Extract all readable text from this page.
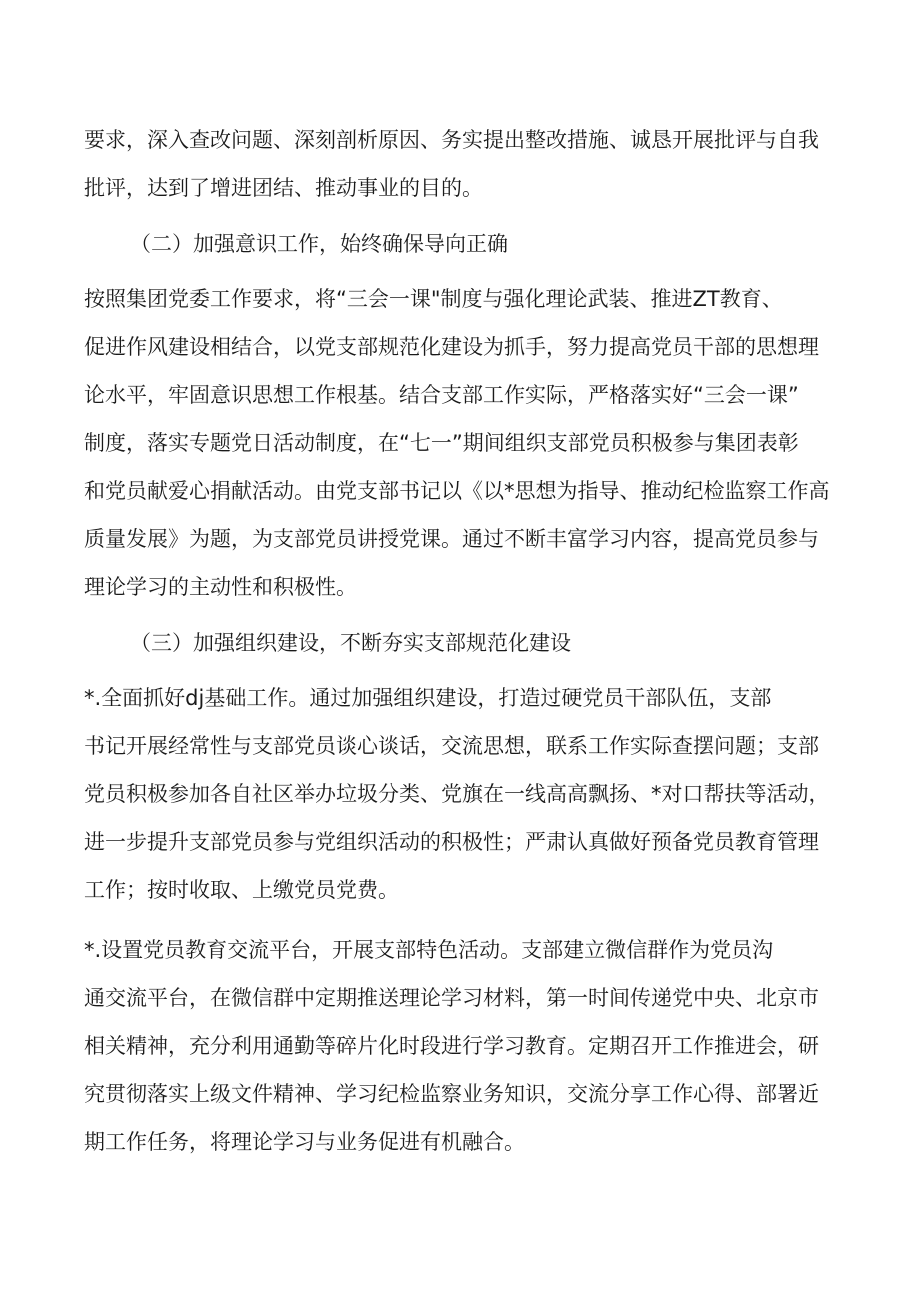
要求，深入查改问题、深刻剖析原因、务实提出整改措施、诚恳开展批评与自我
批评，达到了增进团结、推动事业的目的。
（二）加强意识工作，始终确保导向正确
按照集团党委工作要求，将“三会一课"制度与强化理论武装、推进ZT教育、
促进作风建设相结合，以党支部规范化建设为抓手，努力提高党员干部的思想理
论水平，牢固意识思想工作根基。结合支部工作实际，严格落实好“三会一课”
制度，落实专题党日活动制度，在“七一”期间组织支部党员积极参与集团表彰
和党员献爱心捐献活动。由党支部书记以《以*思想为指导、推动纪检监察工作高
质量发展》为题，为支部党员讲授党课。通过不断丰富学习内容，提高党员参与
理论学习的主动性和积极性。
（三）加强组织建设，不断夯实支部规范化建设
*.全面抓好dj基础工作。通过加强组织建设，打造过硬党员干部队伍，支部
书记开展经常性与支部党员谈心谈话，交流思想，联系工作实际查摆问题；支部
党员积极参加各自社区举办垃圾分类、党旗在一线高高飘扬、*对口帮扶等活动，
进一步提升支部党员参与党组织活动的积极性；严肃认真做好预备党员教育管理
工作；按时收取、上缴党员党费。
*.设置党员教育交流平台，开展支部特色活动。支部建立微信群作为党员沟
通交流平台，在微信群中定期推送理论学习材料，第一时间传递党中央、北京市
相关精神，充分利用通勤等碎片化时段进行学习教育。定期召开工作推进会，研
究贯彻落实上级文件精神、学习纪检监察业务知识，交流分享工作心得、部署近
期工作任务，将理论学习与业务促进有机融合。
